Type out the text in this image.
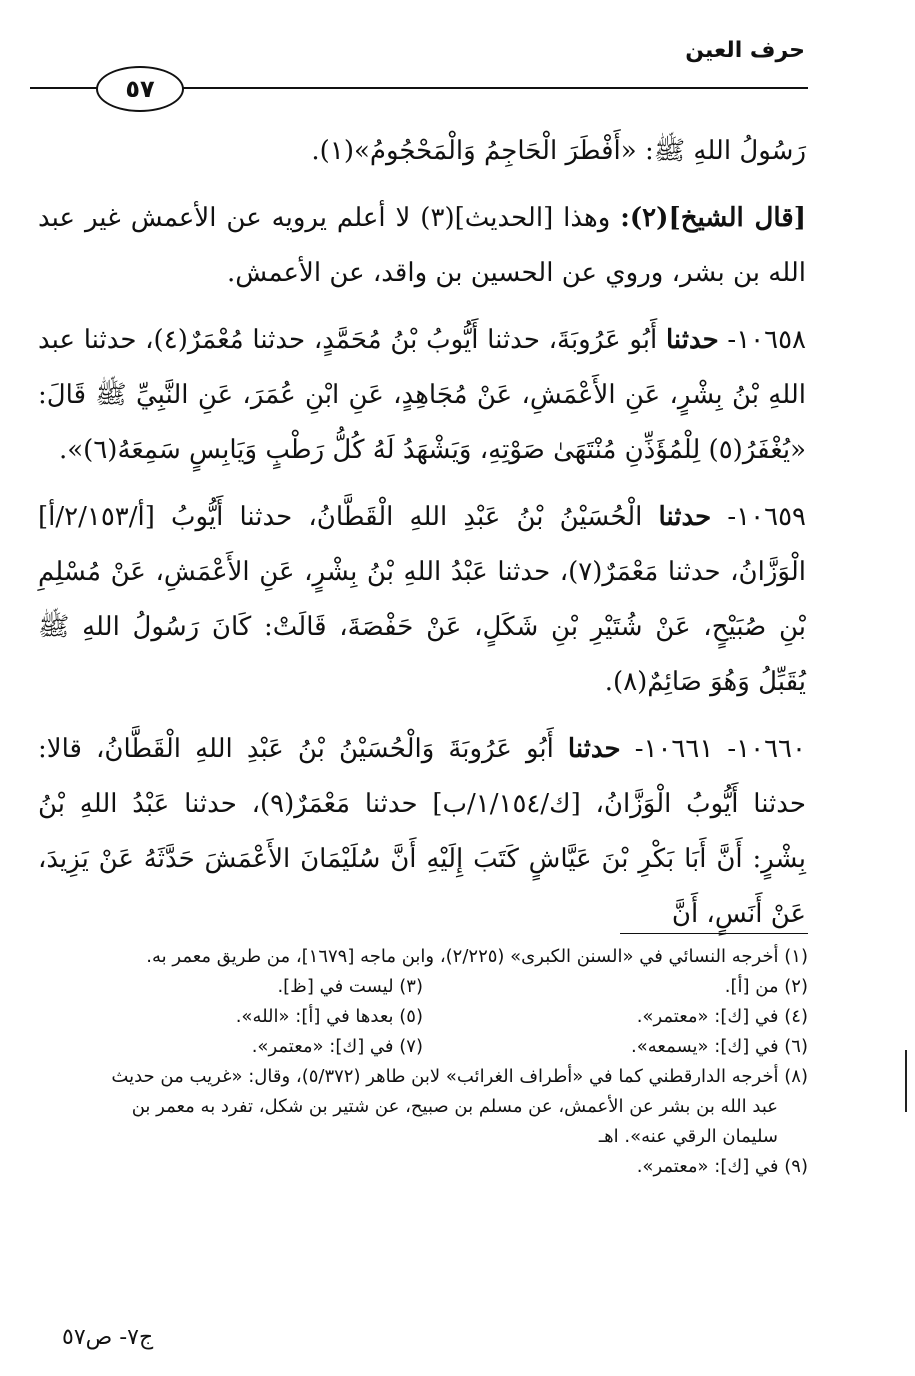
حرف العين
٥٧

رَسُولُ اللهِ ﷺ: «أَفْطَرَ الْحَاجِمُ وَالْمَحْجُومُ»(١).

[قال الشيخ](٢): وهذا [الحديث](٣) لا أعلم يرويه عن الأعمش غير عبد الله بن بشر، وروي عن الحسين بن واقد، عن الأعمش.

١٠٦٥٨- حدثنا أَبُو عَرُوبَةَ، حدثنا أَيُّوبُ بْنُ مُحَمَّدٍ، حدثنا مُعْمَرٌ(٤)، حدثنا عبد اللهِ بْنُ بِشْرٍ، عَنِ الأَعْمَشِ، عَنْ مُجَاهِدٍ، عَنِ ابْنِ عُمَرَ، عَنِ النَّبِيِّ ﷺ قَالَ: «يُغْفَرُ(٥) لِلْمُؤَذِّنِ مُنْتَهَىٰ صَوْتِهِ، وَيَشْهَدُ لَهُ كُلُّ رَطْبٍ وَيَابِسٍ سَمِعَهُ(٦)».

١٠٦٥٩- حدثنا الْحُسَيْنُ بْنُ عَبْدِ اللهِ الْقَطَّانُ، حدثنا أَيُّوبُ [أ/٢/١٥٣/أ] الْوَزَّانُ، حدثنا مَعْمَرٌ(٧)، حدثنا عَبْدُ اللهِ بْنُ بِشْرٍ، عَنِ الأَعْمَشِ، عَنْ مُسْلِمِ بْنِ صُبَيْحٍ، عَنْ شُتَيْرِ بْنِ شَكَلٍ، عَنْ حَفْصَةَ، قَالَتْ: كَانَ رَسُولُ اللهِ ﷺ يُقَبِّلُ وَهُوَ صَائِمٌ(٨).

١٠٦٦٠- ١٠٦٦١- حدثنا أَبُو عَرُوبَةَ وَالْحُسَيْنُ بْنُ عَبْدِ اللهِ الْقَطَّانُ، قالا: حدثنا أَيُّوبُ الْوَزَّانُ، [ك/١/١٥٤/ب] حدثنا مَعْمَرٌ(٩)، حدثنا عَبْدُ اللهِ بْنُ بِشْرٍ: أَنَّ أَبَا بَكْرِ بْنَ عَيَّاشٍ كَتَبَ إِلَيْهِ أَنَّ سُلَيْمَانَ الأَعْمَشَ حَدَّثَهُ عَنْ يَزِيدَ، عَنْ أَنَسٍ، أَنَّ

(١) أخرجه النسائي في «السنن الكبرى» (٢/٢٢٥)، وابن ماجه [١٦٧٩]، من طريق معمر به.

(٢) من [أ].
(٣) ليست في [ظ].
(٤) في [ك]: «معتمر».
(٥) بعدها في [أ]: «الله».
(٦) في [ك]: «يسمعه».
(٧) في [ك]: «معتمر».

(٨) أخرجه الدارقطني كما في «أطراف الغرائب» لابن طاهر (٥/٣٧٢)، وقال: «غريب من حديث

عبد الله بن بشر عن الأعمش، عن مسلم بن صبيح، عن شتير بن شكل، تفرد به معمر بن

سليمان الرقي عنه». اهـ

(٩) في [ك]: «معتمر».

ج٧- ص٥٧
